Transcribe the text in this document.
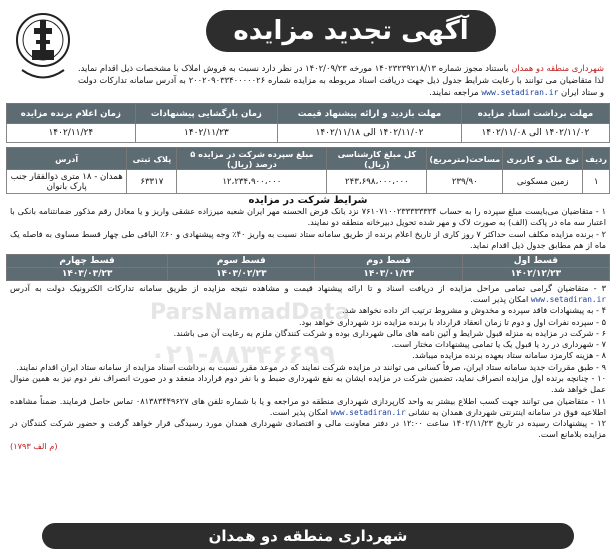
ParsNamadData
۰۲۱-۸۸۳۴۶۶۹۹
آگهی تجدید مزایده
شهرداری منطقه دو همدان باستناد مجوز شماره ۱۴۰۲۳۲۳۹۲۱۸/۱۳ مورخه ۱۴۰۲/۰۹/۲۳ در نظر دارد نسبت به فروش املاک با مشخصات ذیل اقدام نماید. لذا متقاضیان می توانند با رعایت شرایط جدول ذیل جهت دریافت اسناد مربوطه به مزایده شماره ۲۰۰۲۰۹۰۳۳۴۰۰۰۰۰۲۶ به آدرس سامانه تدارکات دولت و ستاد ایران www.setadiran.ir مراجعه نمایند.
مهلت برداشت اسناد مزایده	مهلت بازدید و ارائه پیشنهاد قیمت	زمان بازگشایی پیشنهادات	زمان اعلام برنده مزایده
۱۴۰۲/۱۱/۰۲ الی ۱۴۰۲/۱۱/۰۸	۱۴۰۲/۱۱/۰۲ الی ۱۴۰۲/۱۱/۱۸	۱۴۰۲/۱۱/۲۳	۱۴۰۲/۱۱/۲۴
ردیف	نوع ملک و کاربری	مساحت(مترمربع)	کل مبلغ کارشناسی (ریال)	مبلغ سپرده شرکت در مزایده ۵ درصد (ریال)	پلاک ثبتی	آدرس
۱	زمین مسکونی	۲۳۹/۹۰	۲۴۳،۶۹۸،۰۰۰،۰۰۰	۱۲،۲۳۴،۹۰۰،۰۰۰	۶۳۳۱۷	همدان - ۱۸ متری ذوالفقار جنب پارک بانوان
شرایط شرکت در مزایده

۱ - متقاضیان می‌بایست مبلغ سپرده را به حساب ۷۶۱۰۷۱۰۰۲۳۳۳۳۳۳۳۴ نزد بانک قرض الحسنه مهر ایران شعبه میرزاده عشقی واریز و یا معادل رقم مذکور ضمانتنامه بانکی با اعتبار سه ماه در پاکت (الف) به صورت لاک و مهر شده تحویل دبیرخانه منطقه دو نمایند.

۲ - برنده مزایده مکلف است حداکثر ۷ روز کاری از تاریخ اعلام برنده از طریق سامانه ستاد نسبت به واریز ۴۰٪ وجه پیشنهادی و ۶۰٪ الباقی طی چهار قسط مساوی به فاصله یک ماه از هم مطابق جدول ذیل اقدام نماید.

قسط اول	قسط دوم	قسط سوم	قسط چهارم
۱۴۰۲/۱۲/۲۳	۱۴۰۳/۰۱/۲۳	۱۴۰۳/۰۲/۲۳	۱۴۰۳/۰۳/۲۳

۳ - متقاضیان گرامی تمامی مراحل مزایده از دریافت اسناد و تا ارائه پیشنهاد قیمت و مشاهده نتیجه مزایده از طریق سامانه تدارکات الکترونیک دولت به آدرس www.setadiran.ir امکان پذیر است.

۴ - به پیشنهادات فاقد سپرده و مخدوش و مشروط ترتیب اثر داده نخواهد شد.

۵ - سپرده نفرات اول و دوم تا زمان انعقاد قرارداد با برنده مزایده نزد شهرداری خواهد بود.

۶ - شرکت در مزایده به منزله قبول شرایط و آئین نامه های مالی شهرداری بوده و شرکت کنندگان ملزم به رعایت آن می باشند.

۷ - شهرداری در رد یا قبول یک یا تمامی پیشنهادات مختار است.

۸ - هزینه کارمزد سامانه ستاد بعهده برنده مزایده میباشد.

۹ - طبق مقررات جدید سامانه ستاد ایران، صرفاً کسانی می توانند در مزایده شرکت نمایند که در موعد مقرر نسبت به برداشت اسناد مزایده از سامانه ستاد ایران اقدام نمایند.

۱۰ - چنانچه برنده اول مزایده انصراف نماید، تضمین شرکت در مزایده ایشان به نفع شهرداری ضبط و با نفر دوم قرارداد منعقد و در صورت انصراف نفر دوم نیز به همین منوال عمل خواهد شد.

۱۱ - متقاضیان می توانند جهت کسب اطلاع بیشتر به واحد کارپردازی شهرداری منطقه دو مراجعه و یا با شماره تلفن های ۰۸۱۳۸۳۴۴۹۶۲۷ تماس حاصل فرمایند. ضمناً مشاهده اطلاعیه فوق در سامانه اینترنتی شهرداری همدان به نشانی www.setadiran.ir امکان پذیر است.

۱۲ - پیشنهادات رسیده در تاریخ ۱۴۰۲/۱۱/۲۳ ساعت ۱۲:۰۰ در دفتر معاونت مالی و اقتصادی شهرداری همدان مورد رسیدگی قرار خواهد گرفت و حضور شرکت کنندگان در مزایده بلامانع است.

(م الف ۱۷۹۳)

شهرداری منطقه دو همدان
